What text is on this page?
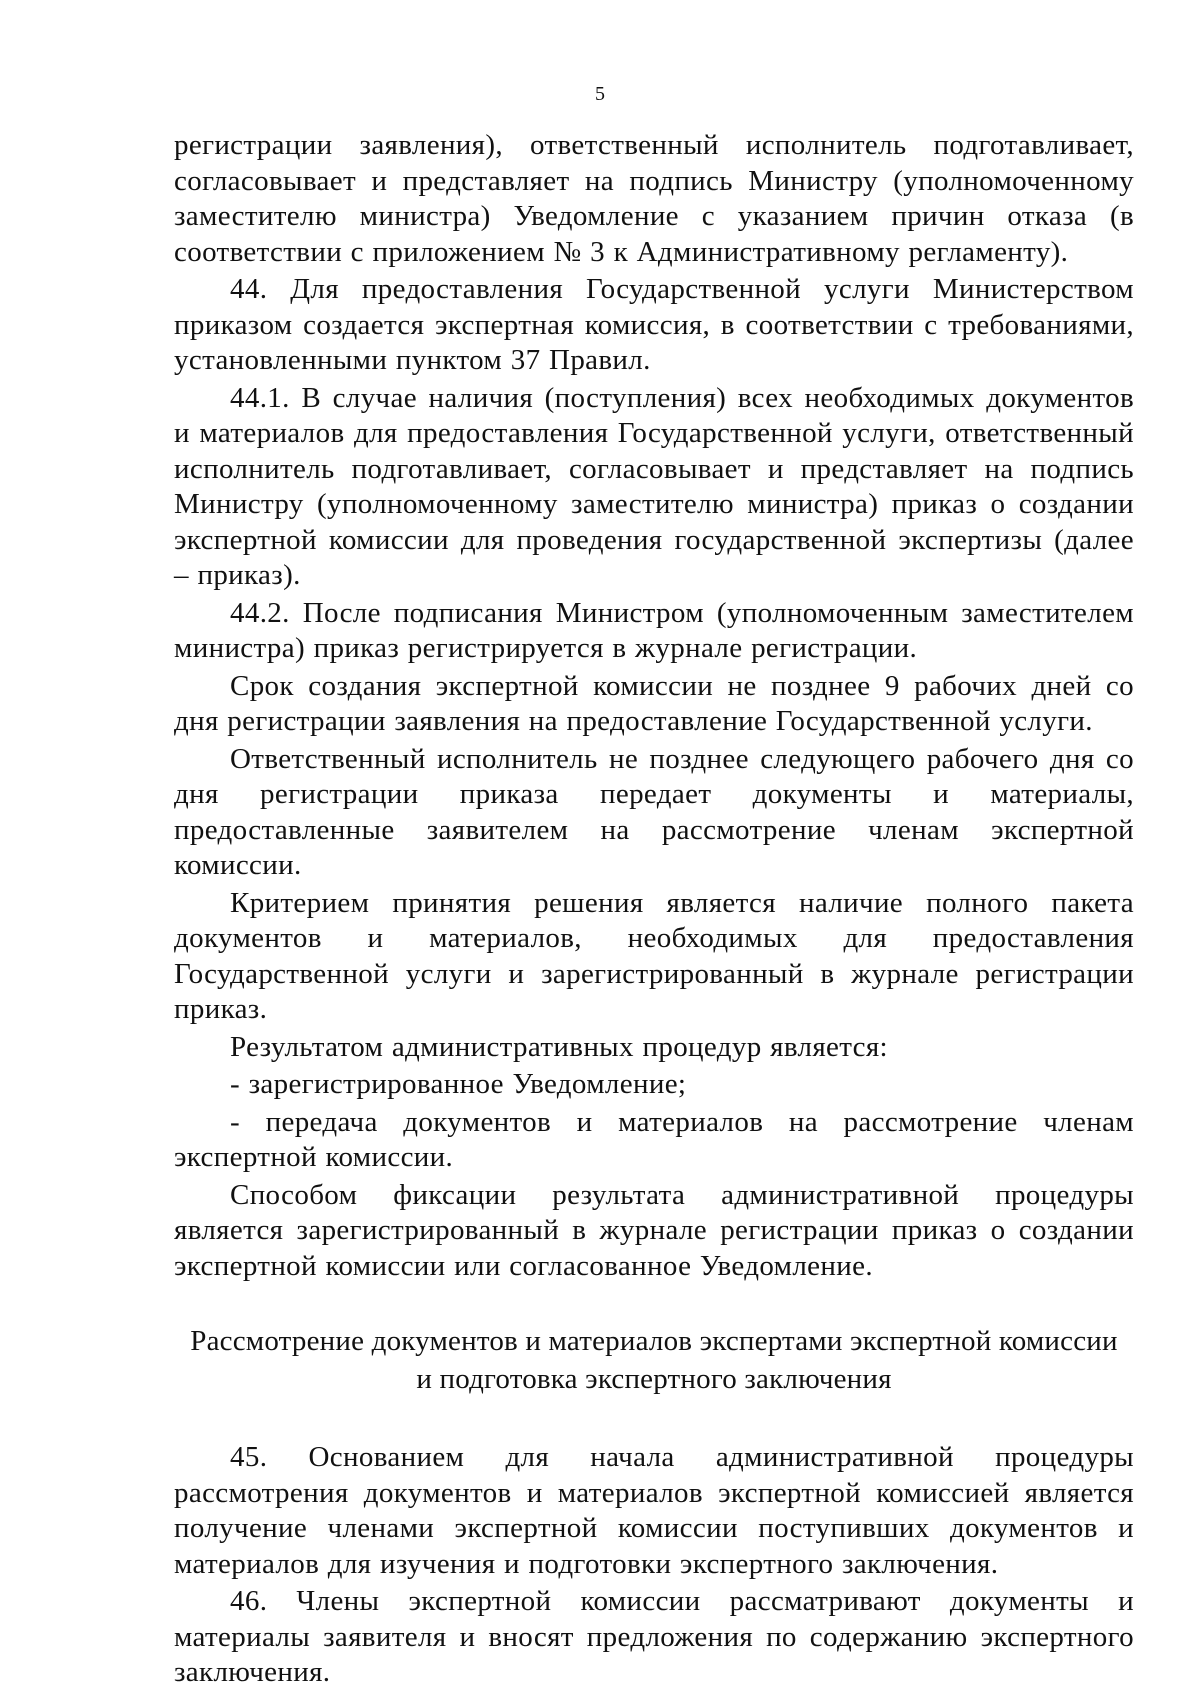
5

регистрации заявления), ответственный исполнитель подготавливает, согласовывает и представляет на подпись Министру (уполномоченному заместителю министра) Уведомление с указанием причин отказа (в соответствии с приложением № 3 к Административному регламенту).

44. Для предоставления Государственной услуги Министерством приказом создается экспертная комиссия, в соответствии с требованиями, установленными пунктом 37 Правил.

44.1. В случае наличия (поступления) всех необходимых документов и материалов для предоставления Государственной услуги, ответственный исполнитель подготавливает, согласовывает и представляет на подпись Министру (уполномоченному заместителю министра) приказ о создании экспертной комиссии для проведения государственной экспертизы (далее – приказ).

44.2. После подписания Министром (уполномоченным заместителем министра) приказ регистрируется в журнале регистрации.

Срок создания экспертной комиссии не позднее 9 рабочих дней со дня регистрации заявления на предоставление Государственной услуги.

Ответственный исполнитель не позднее следующего рабочего дня со дня регистрации приказа передает документы и материалы, предоставленные заявителем на рассмотрение членам экспертной комиссии.

Критерием принятия решения является наличие полного пакета документов и материалов, необходимых для предоставления Государственной услуги и зарегистрированный в журнале регистрации приказ.

Результатом административных процедур является:

- зарегистрированное Уведомление;

- передача документов и материалов на рассмотрение членам экспертной комиссии.

Способом фиксации результата административной процедуры является зарегистрированный в журнале регистрации приказ о создании экспертной комиссии или согласованное Уведомление.

Рассмотрение документов и материалов экспертами экспертной комиссии
и подготовка экспертного заключения

45. Основанием для начала административной процедуры рассмотрения документов и материалов экспертной комиссией является получение членами экспертной комиссии поступивших документов и материалов для изучения и подготовки экспертного заключения.

46. Члены экспертной комиссии рассматривают документы и материалы заявителя и вносят предложения по содержанию экспертного заключения.
